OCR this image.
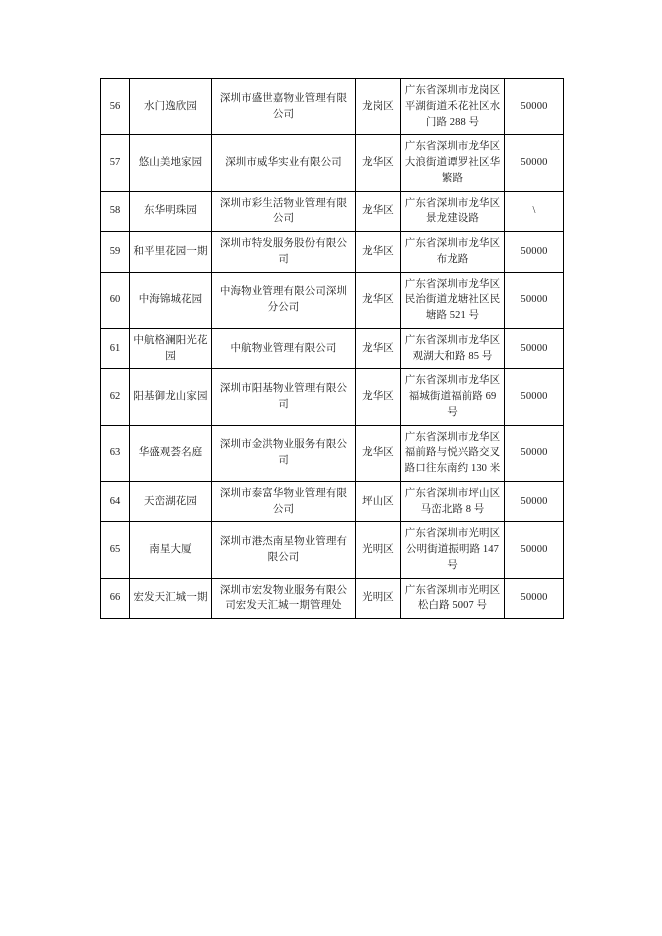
56	水门逸欣园	深圳市盛世嘉物业管理有限公司	龙岗区	广东省深圳市龙岗区平湖街道禾花社区水门路 288 号	50000
57	悠山美地家园	深圳市威华实业有限公司	龙华区	广东省深圳市龙华区大浪街道谭罗社区华繁路	50000
58	东华明珠园	深圳市彩生活物业管理有限公司	龙华区	广东省深圳市龙华区景龙建设路	\
59	和平里花园一期	深圳市特发服务股份有限公司	龙华区	广东省深圳市龙华区布龙路	50000
60	中海锦城花园	中海物业管理有限公司深圳分公司	龙华区	广东省深圳市龙华区民治街道龙塘社区民塘路 521 号	50000
61	中航格澜阳光花园	中航物业管理有限公司	龙华区	广东省深圳市龙华区观湖大和路 85 号	50000
62	阳基御龙山家园	深圳市阳基物业管理有限公司	龙华区	广东省深圳市龙华区福城街道福前路 69 号	50000
63	华盛观荟名庭	深圳市金洪物业服务有限公司	龙华区	广东省深圳市龙华区福前路与悦兴路交叉路口往东南约 130 米	50000
64	天峦湖花园	深圳市泰富华物业管理有限公司	坪山区	广东省深圳市坪山区马峦北路 8 号	50000
65	南星大厦	深圳市港杰南星物业管理有限公司	光明区	广东省深圳市光明区公明街道振明路 147 号	50000
66	宏发天汇城一期	深圳市宏发物业服务有限公司宏发天汇城一期管理处	光明区	广东省深圳市光明区松白路 5007 号	50000
